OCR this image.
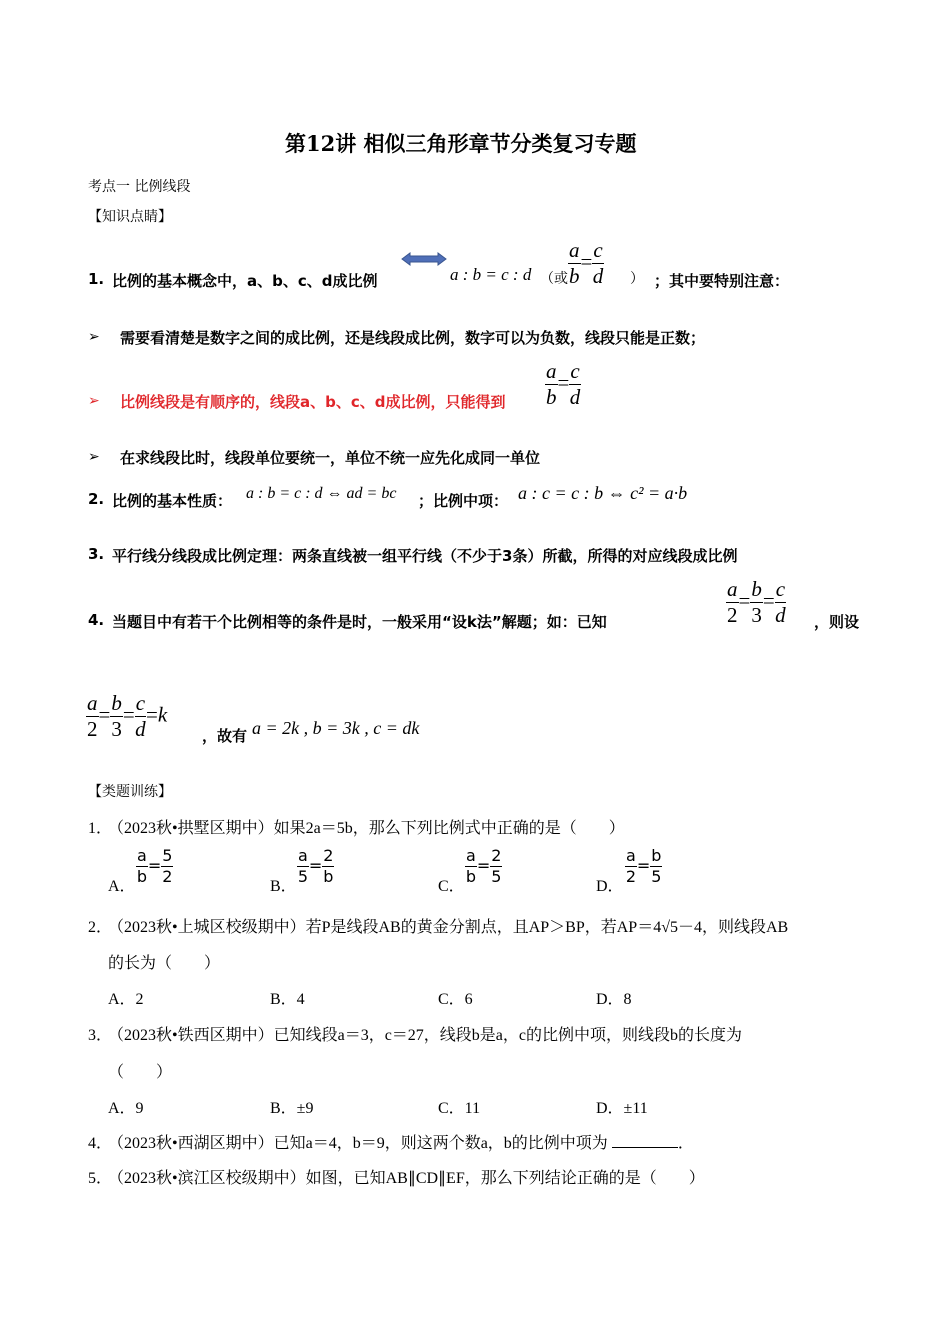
第12讲 相似三角形章节分类复习专题
考点一 比例线段
【知识点睛】
1. 比例的基本概念中，a、b、c、d成比例	a : b = c : d （或 $\frac{a}{b} = \frac{c}{d}$ ） ；其中要特别注意：
➢ 需要看清楚是数字之间的成比例，还是线段成比例，数字可以为负数，线段只能是正数；
➢ 比例线段是有顺序的，线段a、b、c、d成比例，只能得到 $\frac{a}{b} = \frac{c}{d}$
➢ 在求线段比时，线段单位要统一，单位不统一应先化成同一单位
2. 比例的基本性质： a : b = c : d ⇔ ad = bc ；比例中项： a : c = c : b ⇔ c² = a·b
3. 平行线分线段成比例定理：两条直线被一组平行线（不少于3条）所截，所得的对应线段成比例
4. 当题目中有若干个比例相等的条件是时，一般采用“设k法”解题；如：已知	$\frac{a}{2} = \frac{b}{3} = \frac{c}{d}$ ，则设
$\frac{a}{2} = \frac{b}{3} = \frac{c}{d} =k$
，故有 a = 2k , b = 3k , c = dk
【类题训练】
1．
（2023秋•拱墅区期中）如果2a＝5b，那么下列比例式中正确的是（　　）
A．
$\frac{a}{b} = \frac{5}{2}$
B．
$\frac{a}{5} = \frac{2}{b}$
C．
$\frac{a}{b} = \frac{2}{5}$
D．
$\frac{a}{2} = \frac{b}{5}$
2．
（2023秋•上城区校级期中）若P是线段AB的黄金分割点，且AP＞BP，若AP＝4√5－4，则线段AB
的长为（　　）
A．2	B．4	C．6	D．8
3．
（2023秋•铁西区期中）已知线段a＝3，c＝27，线段b是a，c的比例中项，则线段b的长度为
（　　）
A．9	B．±9	C．11	D．±11
4．
（2023秋•西湖区期中）已知a＝4，b＝9，则这两个数a，b的比例中项为	．
5．
（2023秋•滨江区校级期中）如图，已知AB∥CD∥EF，那么下列结论正确的是（　　）
